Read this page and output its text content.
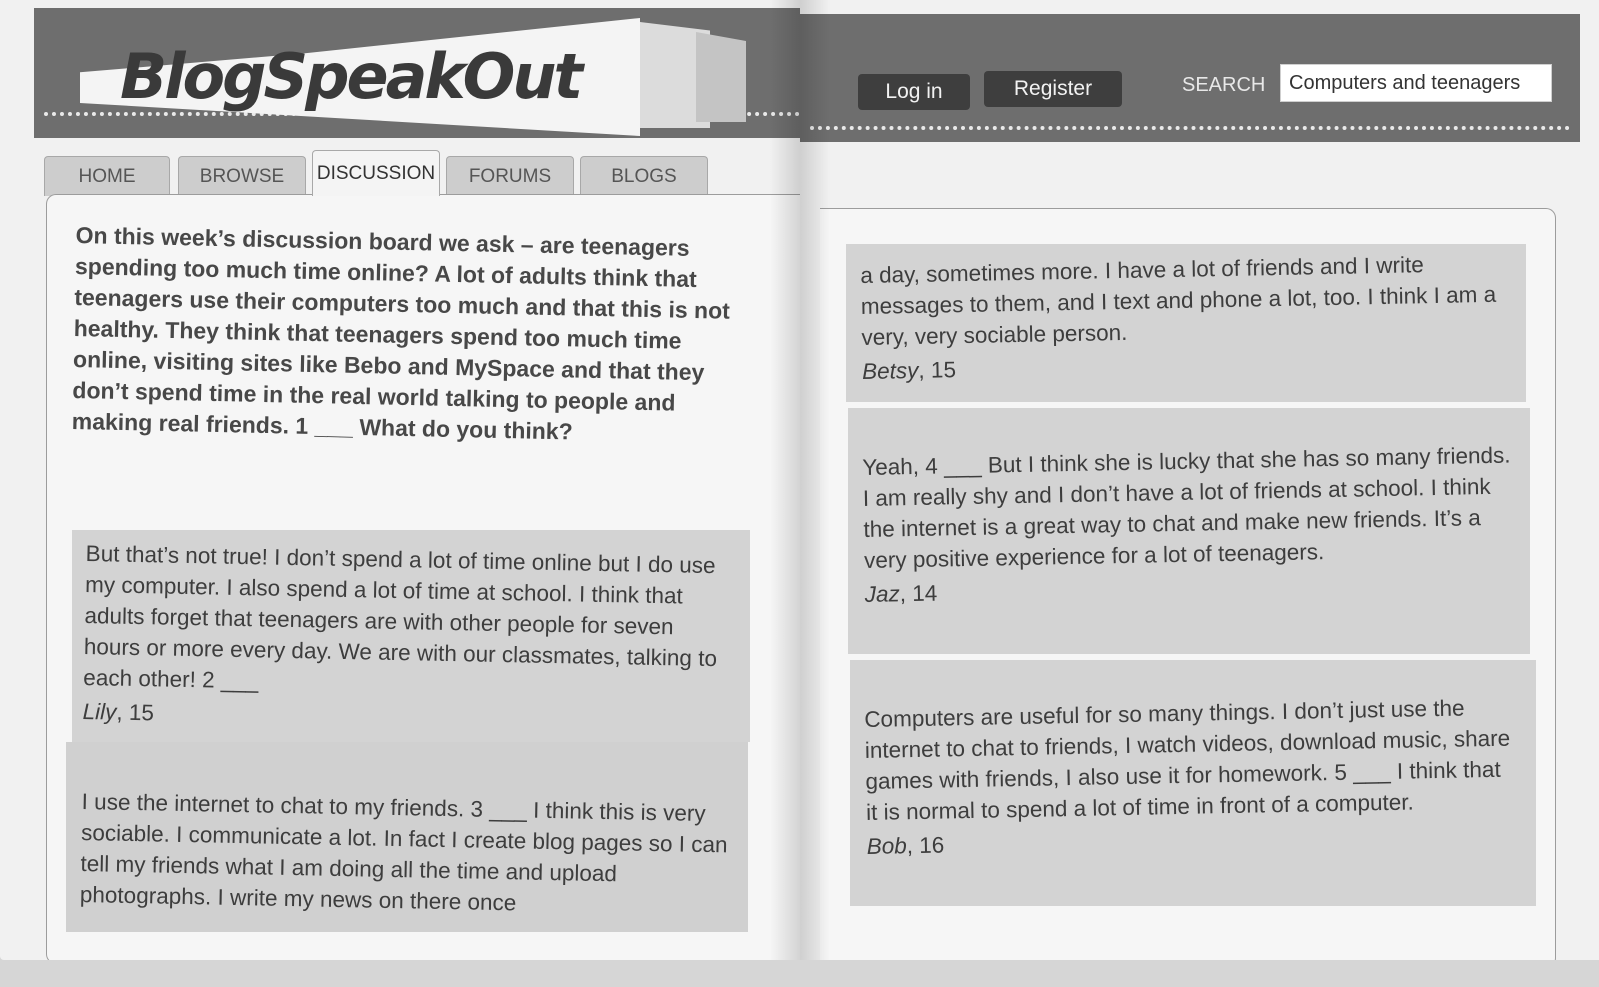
BlogSpeakOut
HOME	BROWSE	DISCUSSION	FORUMS	BLOGS
On this week’s discussion board we ask – are teenagers spending too much time online? A lot of adults think that teenagers use their computers too much and that this is not healthy. They think that teenagers spend too much time online, visiting sites like Bebo and MySpace and that they don’t spend time in the real world talking to people and making real friends. 1 ___ What do you think?
But that’s not true! I don’t spend a lot of time online but I do use my computer. I also spend a lot of time at school. I think that adults forget that teenagers are with other people for seven hours or more every day. We are with our classmates, talking to each other! 2 ___
Lily, 15
I use the internet to chat to my friends. 3 ___ I think this is very sociable. I communicate a lot. In fact I create blog pages so I can tell my friends what I am doing all the time and upload photographs. I write my news on there once
Log in	Register	SEARCH	Computers and teenagers
a day, sometimes more. I have a lot of friends and I write messages to them, and I text and phone a lot, too. I think I am a very, very sociable person.
Betsy, 15
Yeah, 4 ___ But I think she is lucky that she has so many friends. I am really shy and I don’t have a lot of friends at school. I think the internet is a great way to chat and make new friends. It’s a very positive experience for a lot of teenagers.
Jaz, 14
Computers are useful for so many things. I don’t just use the internet to chat to friends, I watch videos, download music, share games with friends, I also use it for homework. 5 ___ I think that it is normal to spend a lot of time in front of a computer.
Bob, 16
